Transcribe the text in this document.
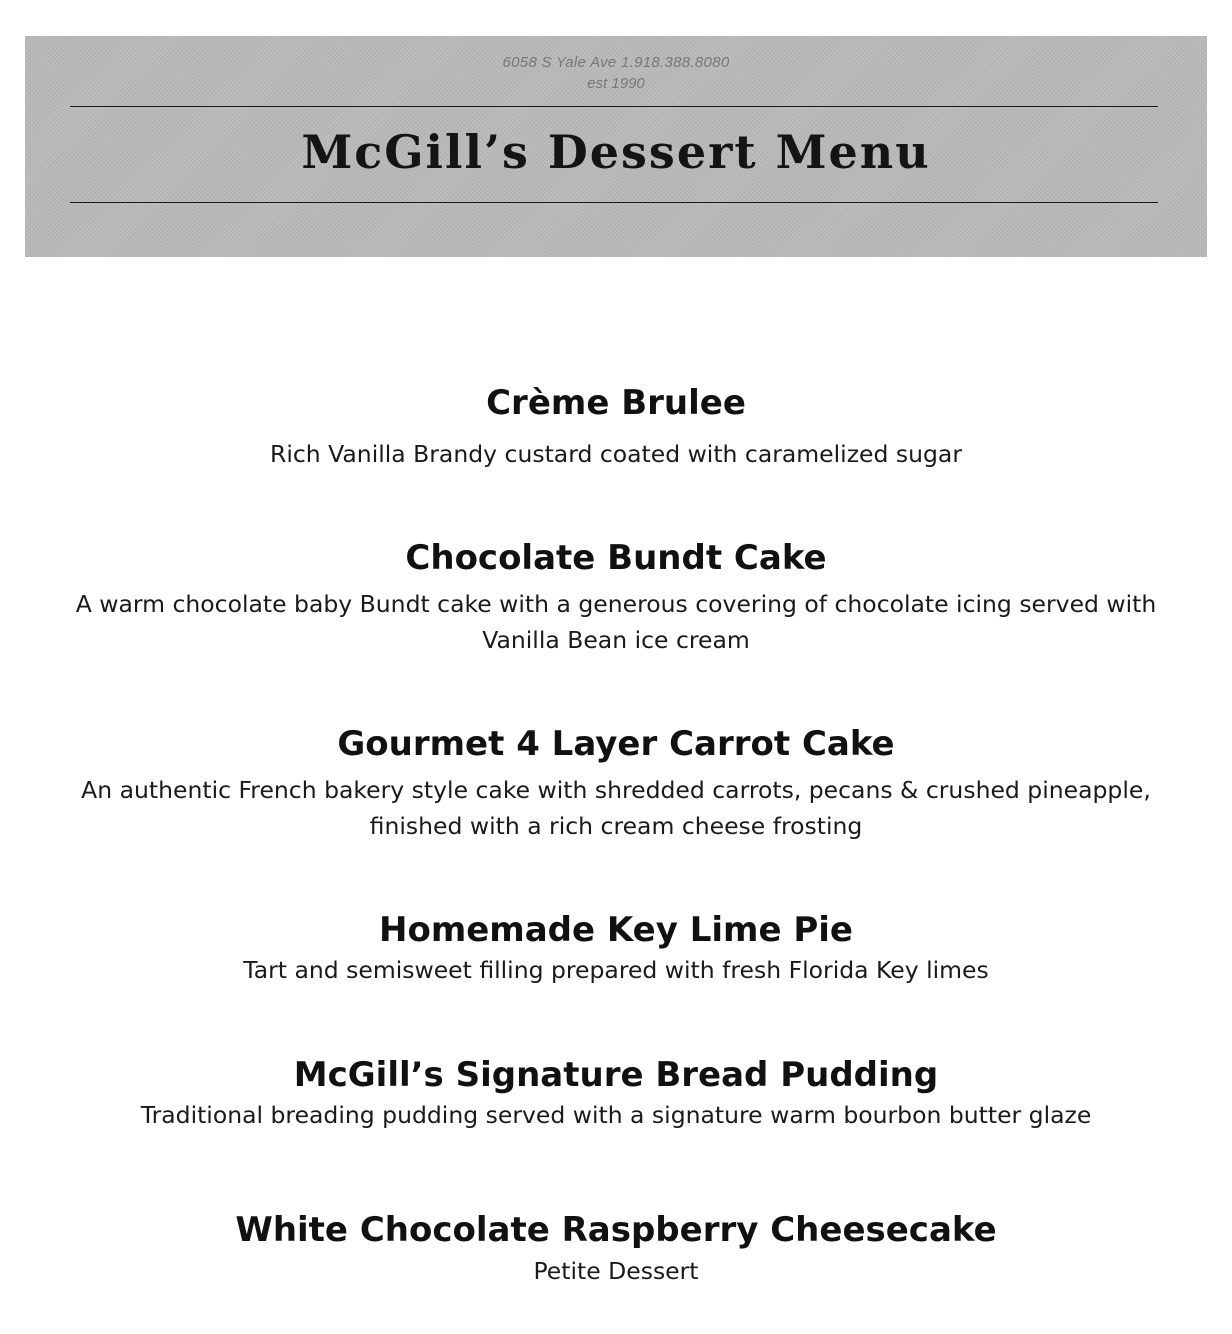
6058 S Yale Ave 1.918.388.8080
est 1990
McGill’s Dessert Menu
Crème Brulee
Rich Vanilla Brandy custard coated with caramelized sugar
Chocolate Bundt Cake
A warm chocolate baby Bundt cake with a generous covering of chocolate icing served with Vanilla Bean ice cream
Gourmet 4 Layer Carrot Cake
An authentic French bakery style cake with shredded carrots, pecans & crushed pineapple, finished with a rich cream cheese frosting
Homemade Key Lime Pie
Tart and semisweet filling prepared with fresh Florida Key limes
McGill’s Signature Bread Pudding
Traditional breading pudding served with a signature warm bourbon butter glaze
White Chocolate Raspberry Cheesecake
Petite Dessert
